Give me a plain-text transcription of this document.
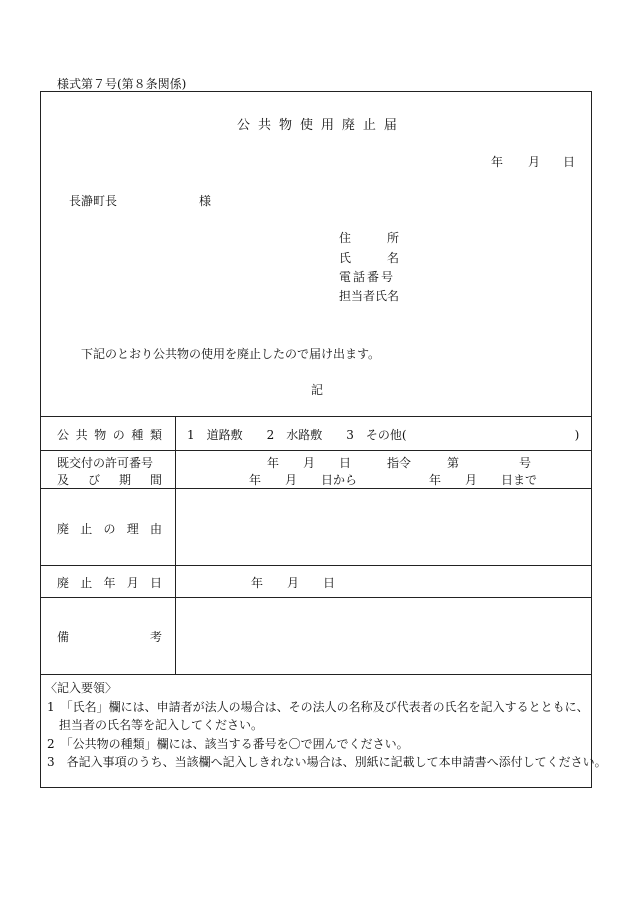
様式第７号(第８条関係)
公 共 物 使 用 廃 止 届
年 月 日
長瀞町長	様
住	所
氏	名
電話番号
担当者氏名
下記のとおり公共物の使用を廃止したので届け出ます。
記
公 共 物 の 種 類 1　道路敷　　2　水路敷　　3　その他(　　　　　　　　　　　　　　)
既交付の許可番号
及 び 期 間
年　　月　　日　　　指令　　　第　　　　　号
年　　月　　日から　　　　　　年　　月　　日まで
廃 止 の 理 由
廃 止 年 月 日	年　　月　　日
備	考
〈記入要領〉
1　「氏名」欄には、申請者が法人の場合は、その法人の名称及び代表者の氏名を記入するとともに、
担当者の氏名等を記入してください。
2　「公共物の種類」欄には、該当する番号を〇で囲んでください。
3　各記入事項のうち、当該欄へ記入しきれない場合は、別紙に記載して本申請書へ添付してください。
